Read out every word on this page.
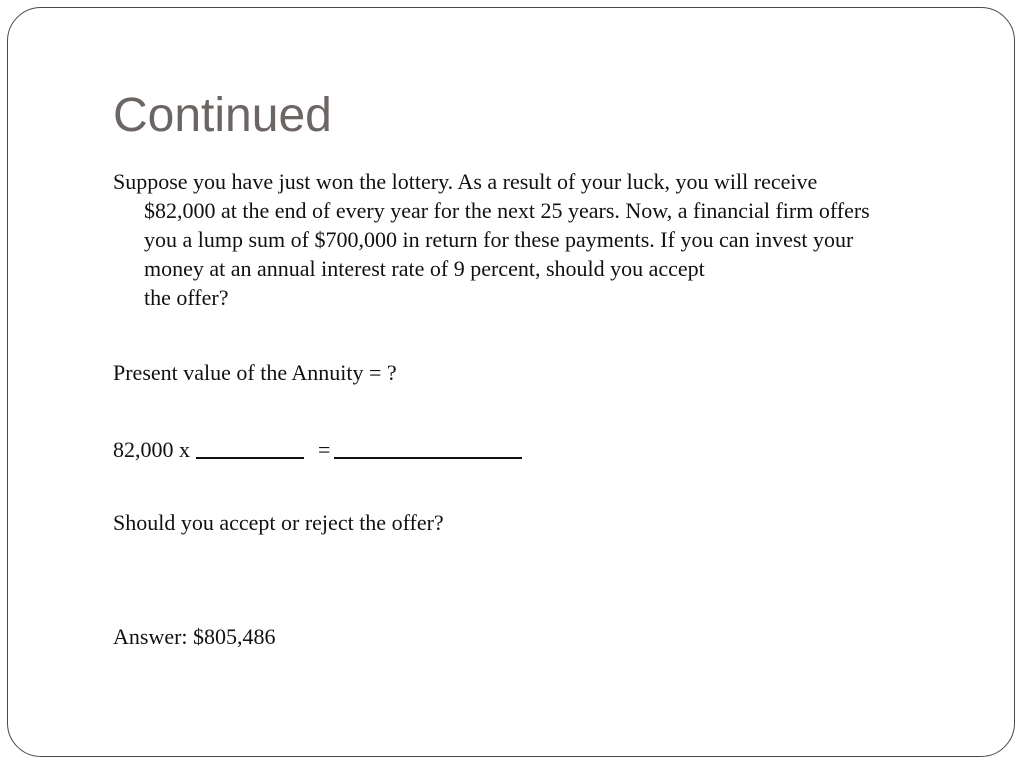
Continued

Suppose you have just won the lottery. As a result of your luck, you will receive
$82,000 at the end of every year for the next 25 years. Now, a financial firm offers
you a lump sum of $700,000 in return for these payments. If you can invest your
money at an annual interest rate of 9 percent, should you accept
the offer?

Present value of the Annuity = ?

82,000 x	=

Should you accept or reject the offer?

Answer: $805,486
